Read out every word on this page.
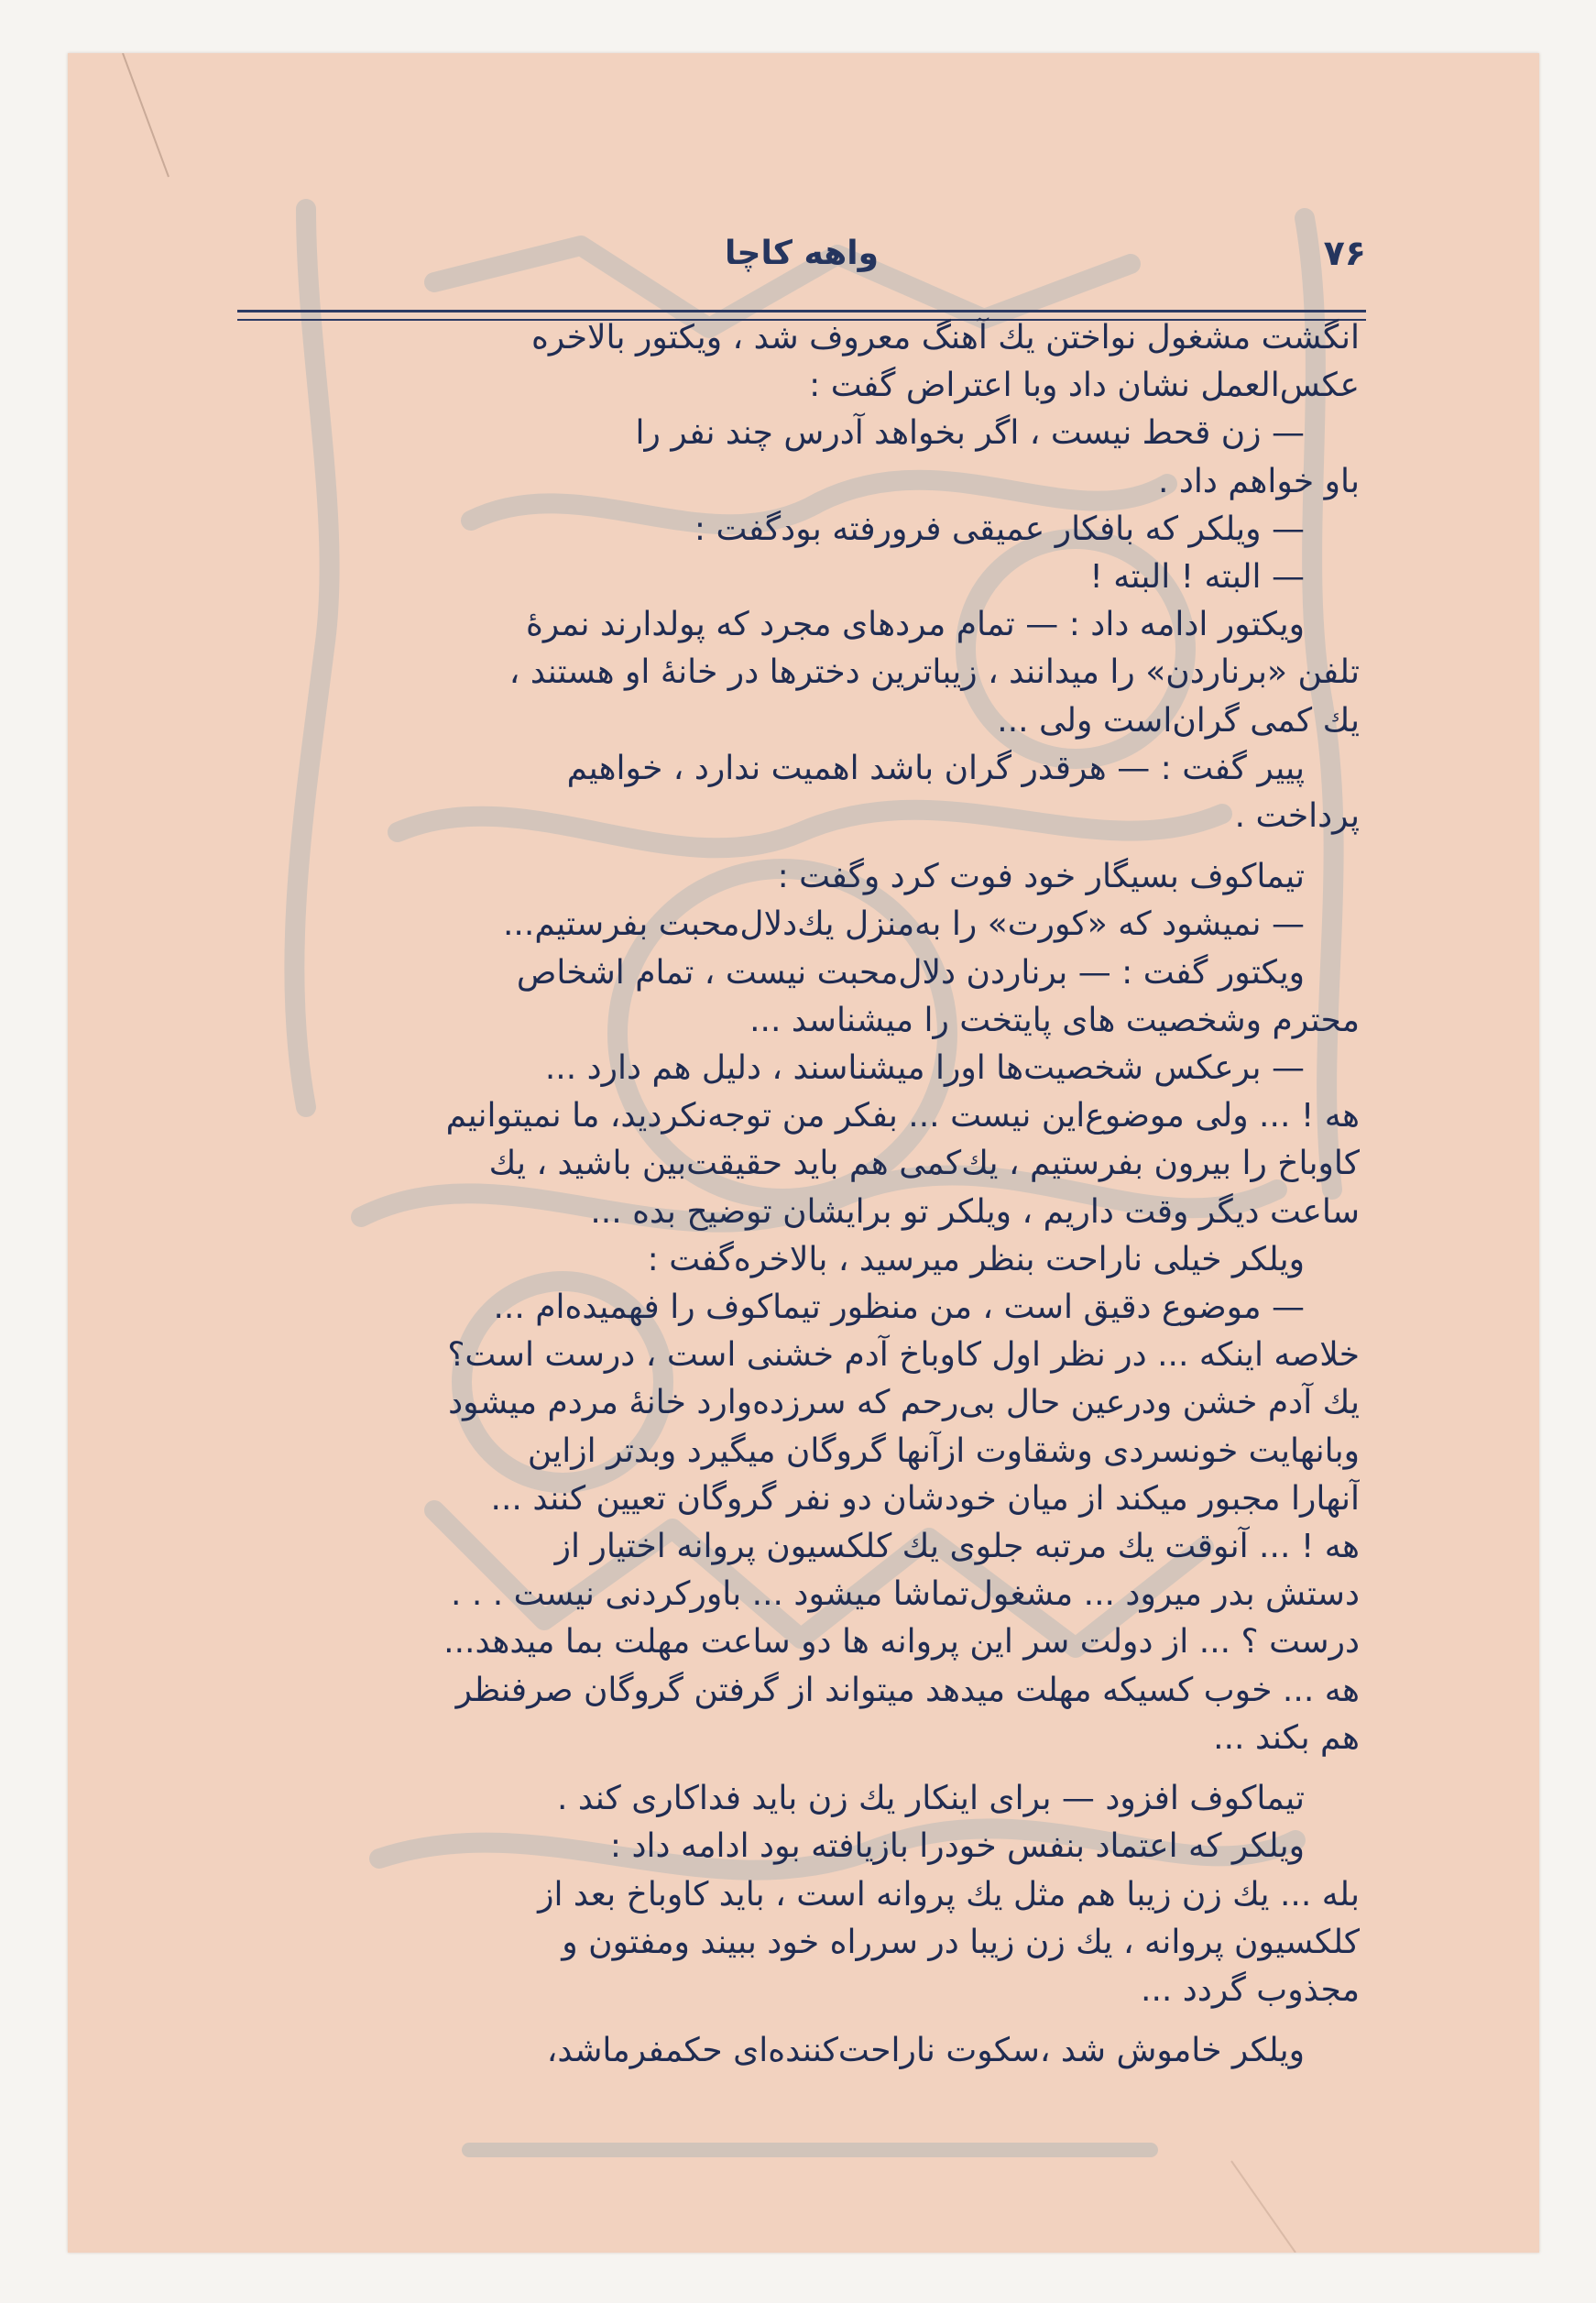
۷۶
واهه کاچا
انگشت مشغول نواختن یك آهنگ معروف شد ، ویکتور بالاخره
عکس‌العمل نشان داد وبا اعتراض گفت :
— زن قحط نیست ، اگر بخواهد آدرس چند نفر را
باو خواهم داد .
— ویلکر که بافکار عمیقی فرورفته بودگفت :
— البته ! البته !
ویکتور ادامه داد : — تمام مردهای مجرد که پولدارند نمرهٔ
تلفن «برناردن» را میدانند ، زیباترین دخترها در خانهٔ او هستند ،
یك کمی گران‌است ولی ...
پییر گفت : — هرقدر گران باشد اهمیت ندارد ، خواهیم
پرداخت .
تیماکوف بسیگار خود فوت کرد وگفت :
— نمیشود که «کورت» را به‌منزل یك‌دلال‌محبت بفرستیم...
ویکتور گفت : — برناردن دلال‌محبت نیست ، تمام اشخاص
محترم وشخصیت های پایتخت را میشناسد ...
— برعکس شخصیت‌ها اورا میشناسند ، دلیل هم دارد ...
هه ! ... ولی موضوع‌این نیست ... بفکر من توجه‌نکردید، ما نمیتوانیم
کاوباخ را بیرون بفرستیم ، یك‌کمی هم باید حقیقت‌بین باشید ، یك
ساعت دیگر وقت داریم ، ویلکر تو برایشان توضیح بده ...
ویلکر خیلی ناراحت بنظر میرسید ، بالاخره‌گفت :
— موضوع دقیق است ، من منظور تیماکوف را فهمیده‌ام ...
خلاصه اینکه ... در نظر اول کاوباخ آدم خشنی است ، درست است؟
یك آدم خشن ودرعین حال بی‌رحم که سرزده‌وارد خانهٔ مردم میشود
وبانهایت خونسردی وشقاوت ازآنها گروگان میگیرد وبدتر ازاین
آنهارا مجبور میکند از میان خودشان دو نفر گروگان تعیین کنند ...
هه ! ... آنوقت یك مرتبه جلوی یك کلکسیون پروانه اختیار از
دستش بدر میرود ... مشغول‌تماشا میشود ... باورکردنی نیست . . .
درست ؟ ... از دولت سر این پروانه ها دو ساعت مهلت بما میدهد...
هه ... خوب کسیکه مهلت میدهد میتواند از گرفتن گروگان صرفنظر
هم بکند ...
تیماکوف افزود — برای اینکار یك زن باید فداکاری کند .
ویلکر که اعتماد بنفس خودرا بازیافته بود ادامه داد :
بله ... یك زن زیبا هم مثل یك پروانه است ، باید کاوباخ بعد از
کلکسیون پروانه ، یك زن زیبا در سرراه خود ببیند ومفتون و
مجذوب گردد ...
ویلکر خاموش شد ،سکوت ناراحت‌کننده‌ای حکمفرماشد،
